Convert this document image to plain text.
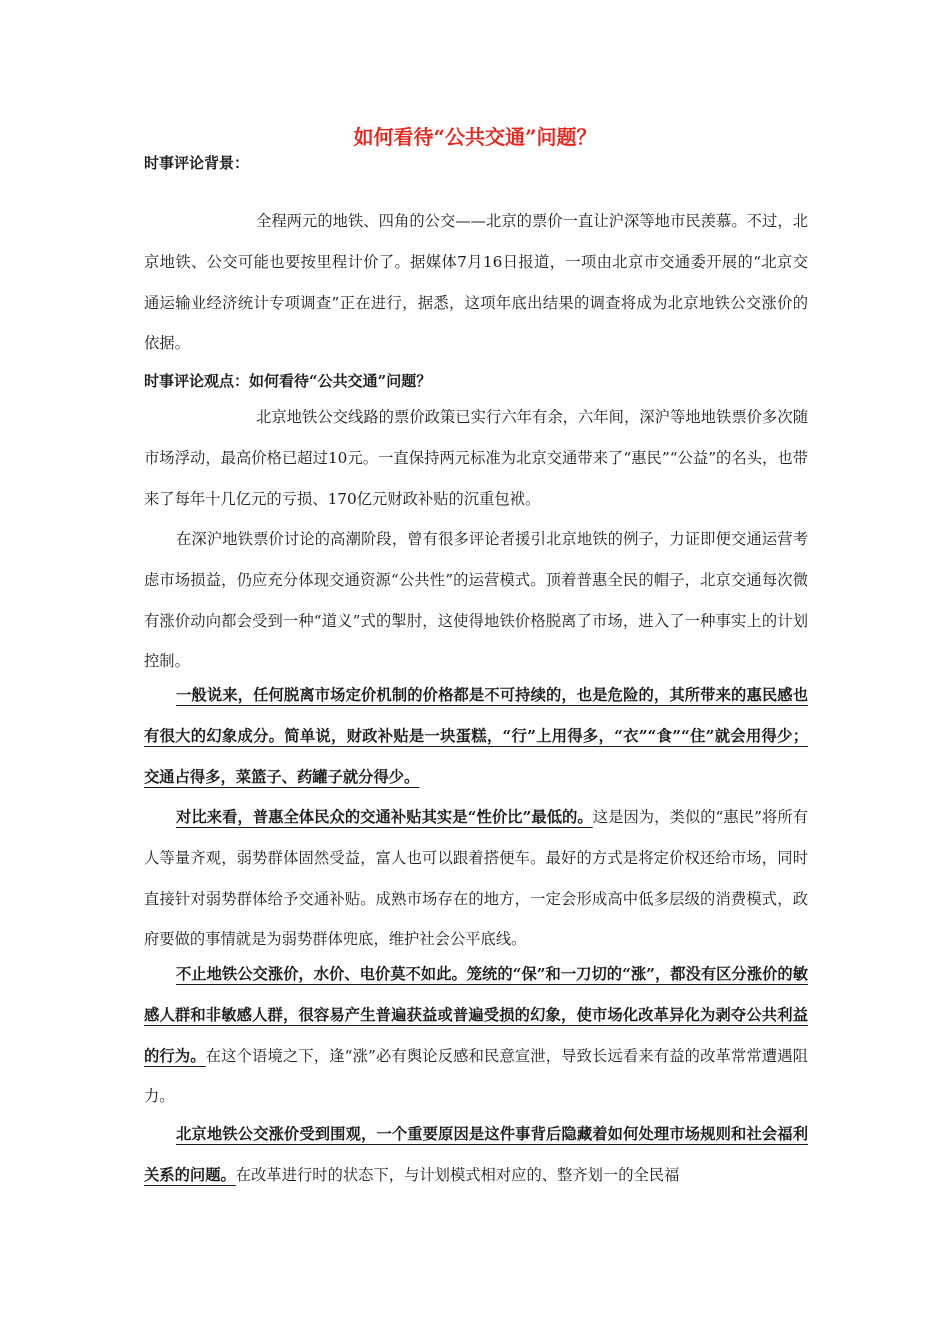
如何看待“公共交通”问题？

时事评论背景：

全程两元的地铁、四角的公交——北京的票价一直让沪深等地市民羡慕。不过，北京地铁、公交可能也要按里程计价了。据媒体7月16日报道，一项由北京市交通委开展的“北京交通运输业经济统计专项调查”正在进行，据悉，这项年底出结果的调查将成为北京地铁公交涨价的依据。

时事评论观点：如何看待“公共交通”问题？

北京地铁公交线路的票价政策已实行六年有余，六年间，深沪等地地铁票价多次随市场浮动，最高价格已超过10元。一直保持两元标准为北京交通带来了“惠民”“公益”的名头，也带来了每年十几亿元的亏损、170亿元财政补贴的沉重包袱。

在深沪地铁票价讨论的高潮阶段，曾有很多评论者援引北京地铁的例子，力证即便交通运营考虑市场损益，仍应充分体现交通资源“公共性”的运营模式。顶着普惠全民的帽子，北京交通每次微有涨价动向都会受到一种“道义”式的掣肘，这使得地铁价格脱离了市场，进入了一种事实上的计划控制。

一般说来，任何脱离市场定价机制的价格都是不可持续的，也是危险的，其所带来的惠民感也有很大的幻象成分。简单说，财政补贴是一块蛋糕，“行”上用得多，“衣”“食”“住”就会用得少；交通占得多，菜篮子、药罐子就分得少。

对比来看，普惠全体民众的交通补贴其实是“性价比”最低的。这是因为，类似的“惠民”将所有人等量齐观，弱势群体固然受益，富人也可以跟着搭便车。最好的方式是将定价权还给市场，同时直接针对弱势群体给予交通补贴。成熟市场存在的地方，一定会形成高中低多层级的消费模式，政府要做的事情就是为弱势群体兜底，维护社会公平底线。

不止地铁公交涨价，水价、电价莫不如此。笼统的“保”和一刀切的“涨”，都没有区分涨价的敏感人群和非敏感人群，很容易产生普遍获益或普遍受损的幻象，使市场化改革异化为剥夺公共利益的行为。在这个语境之下，逢“涨”必有舆论反感和民意宣泄，导致长远看来有益的改革常常遭遇阻力。

北京地铁公交涨价受到围观，一个重要原因是这件事背后隐藏着如何处理市场规则和社会福利关系的问题。在改革进行时的状态下，与计划模式相对应的、整齐划一的全民福
